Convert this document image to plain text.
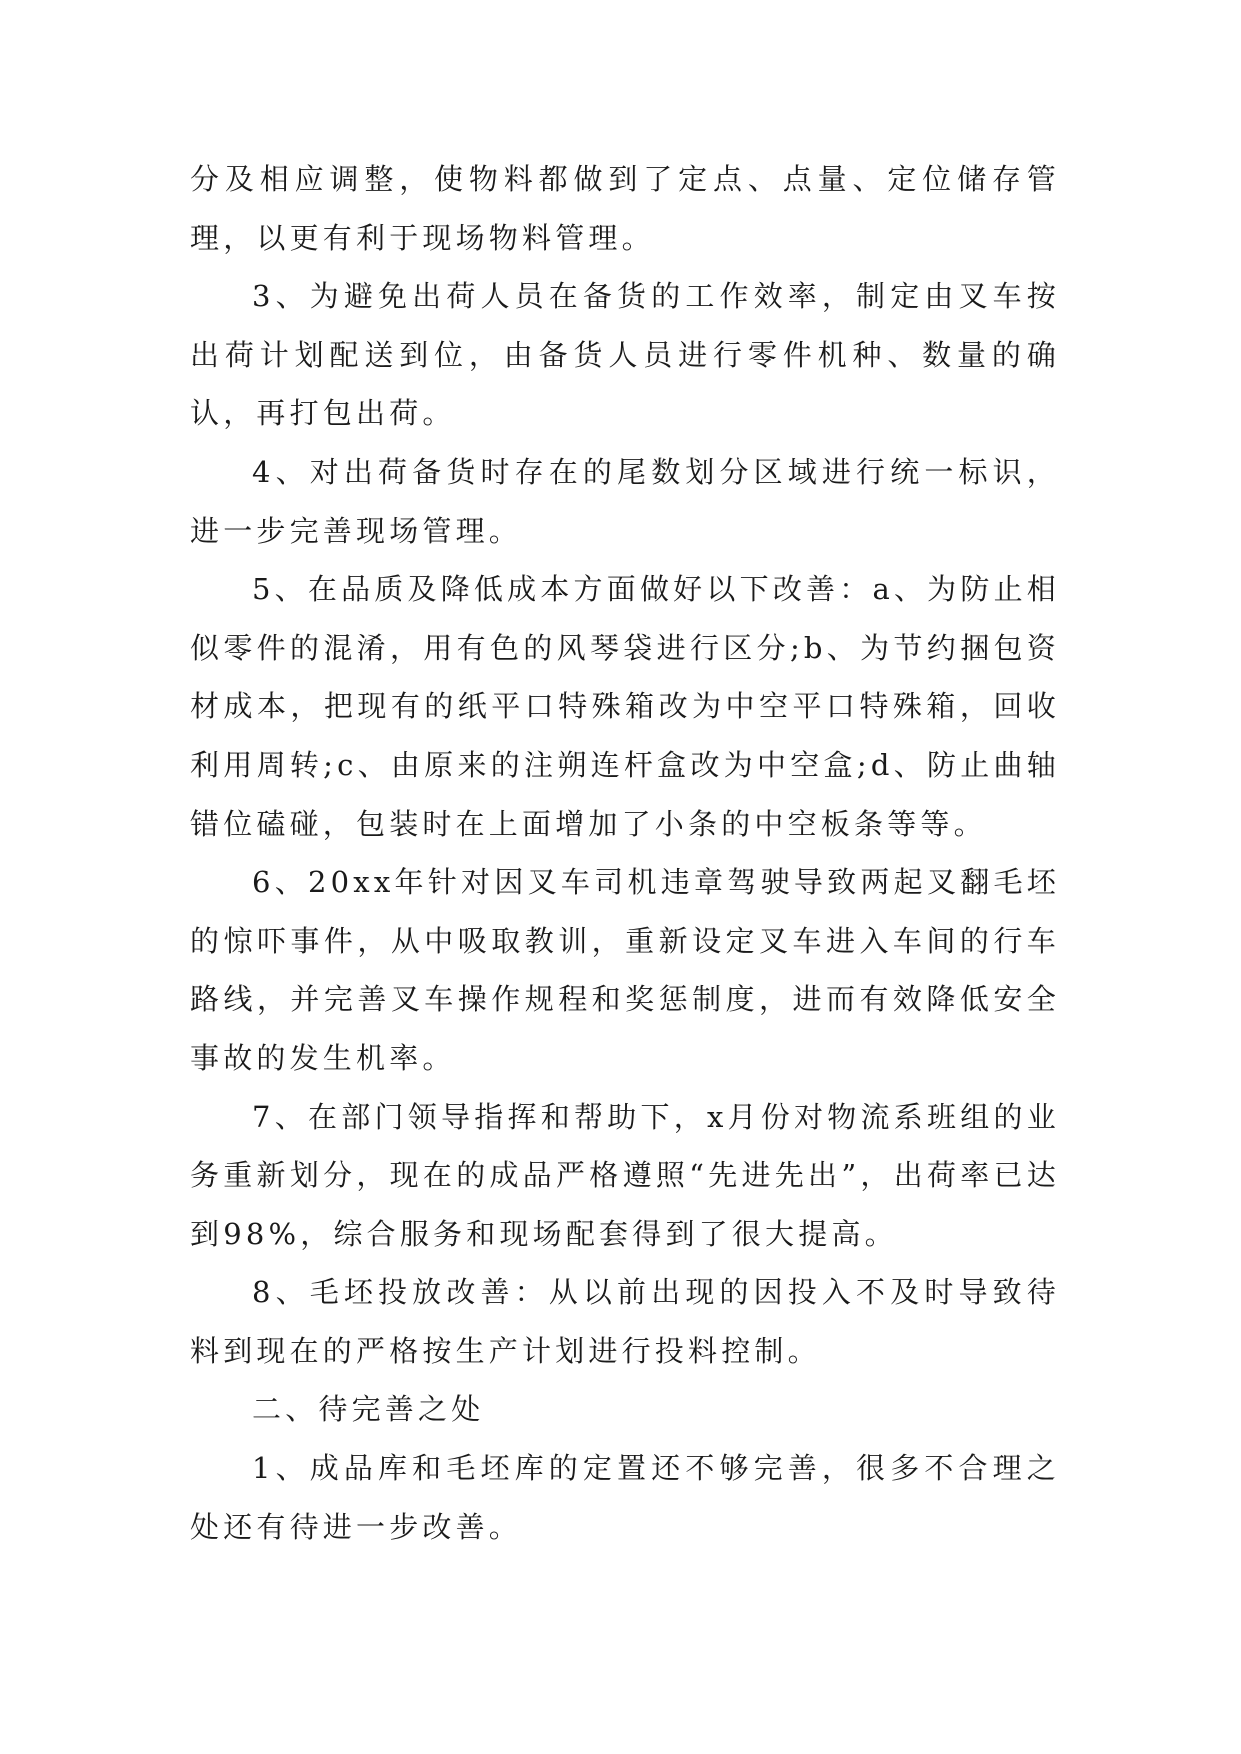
分及相应调整，使物料都做到了定点、点量、定位储存管理，以更有利于现场物料管理。

3、为避免出荷人员在备货的工作效率，制定由叉车按出荷计划配送到位，由备货人员进行零件机种、数量的确认，再打包出荷。

4、对出荷备货时存在的尾数划分区域进行统一标识，进一步完善现场管理。

5、在品质及降低成本方面做好以下改善：a、为防止相似零件的混淆，用有色的风琴袋进行区分;b、为节约捆包资材成本，把现有的纸平口特殊箱改为中空平口特殊箱，回收利用周转;c、由原来的注朔连杆盒改为中空盒;d、防止曲轴错位磕碰，包装时在上面增加了小条的中空板条等等。

6、20xx年针对因叉车司机违章驾驶导致两起叉翻毛坯的惊吓事件，从中吸取教训，重新设定叉车进入车间的行车路线，并完善叉车操作规程和奖惩制度，进而有效降低安全事故的发生机率。

7、在部门领导指挥和帮助下，x月份对物流系班组的业务重新划分，现在的成品严格遵照“先进先出”，出荷率已达到98%，综合服务和现场配套得到了很大提高。

8、毛坯投放改善：从以前出现的因投入不及时导致待料到现在的严格按生产计划进行投料控制。

二、待完善之处

1、成品库和毛坯库的定置还不够完善，很多不合理之处还有待进一步改善。
